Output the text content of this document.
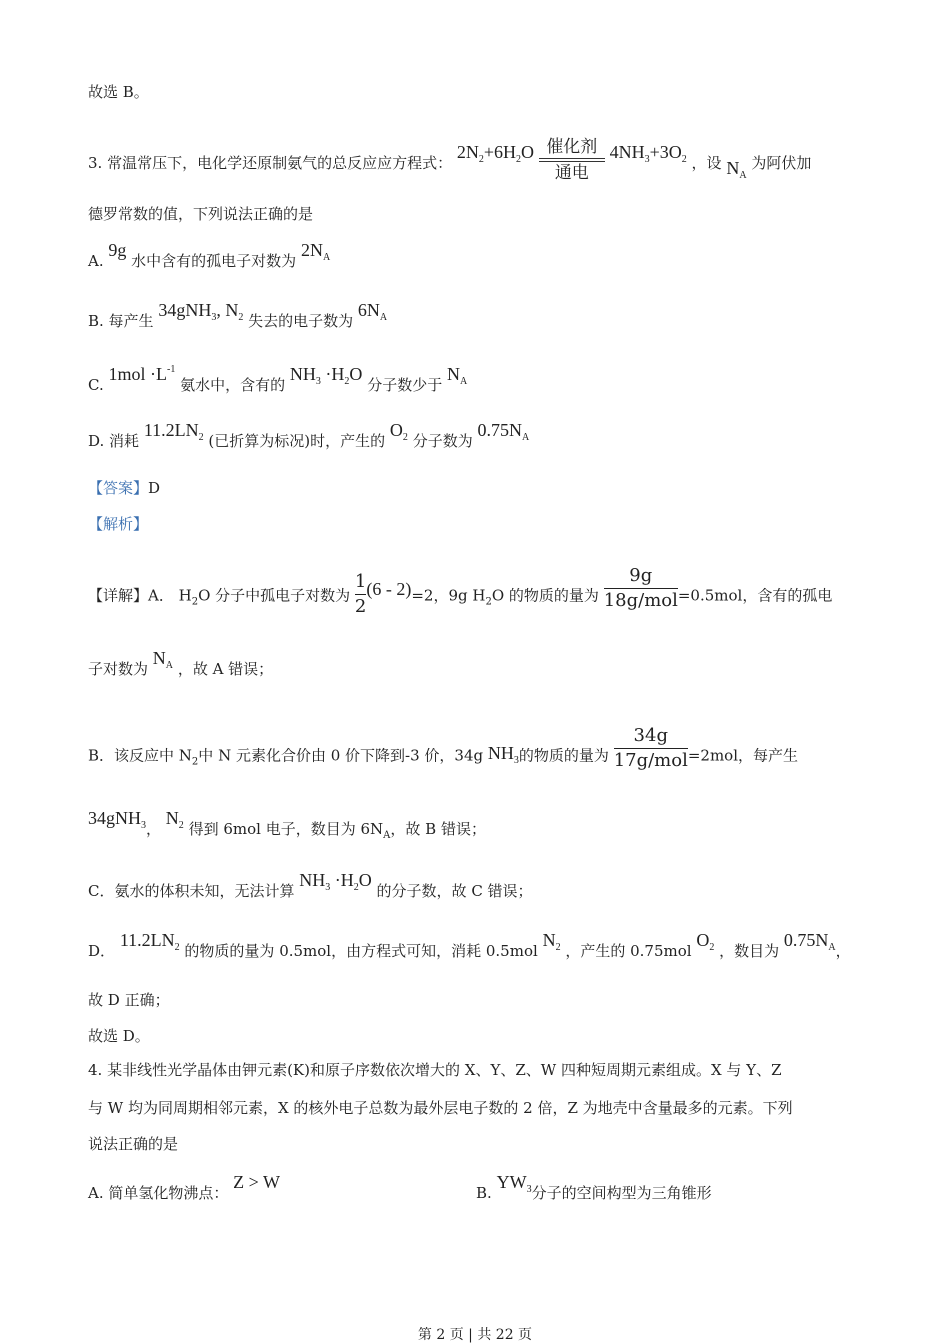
故选 B。
3. 常温常压下，电化学还原制氨气的总反应应方程式： $2N_2+6H_2O$ 催化剂
通电
$4NH_3+3O_2$ ，设 $N_A$ 为阿伏加
德罗常数的值，下列说法正确的是
A. 9g 水中含有的孤电子对数为 $2N_A$
B. 每产生 34gNH$_3$, $N_2$ 失去的电子数为 $6N_A$
C. $1mol \cdot L^{-1}$ 氨水中，含有的 $NH_3 \cdot H_2O$ 分子数少于 $N_A$
D. 消耗 $11.2LN_2$ (已折算为标况)时，产生的 $O_2$ 分子数为 $0.75N_A$
【答案】D
【解析】
【详解】A． $H_2O$ 分子中孤电子对数为 $\frac{1}{2} (6 - 2)=2$，9g $H_2O$ 的物质的量为 $\frac{9g}{\text{18g/mol}} =0.5mol$，含有的孤电
子对数为 $N_A$ ，故 A 错误；
B．该反应中 $N_2$中 N 元素化合价由 0 价下降到-3 价，34g $NH_3$的物质的量为 $\frac{34g}{\text{17g/mol}} =2mol$，每产生
34gNH$_3$， $N_2$ 得到 6mol 电子，数目为 $6N_A$，故 B 错误；
C．氨水的体积未知，无法计算 $NH_3 \cdot H_2O$ 的分子数，故 C 错误；
D． $11.2LN_2$ 的物质的量为 0.5mol，由方程式可知，消耗 0.5mol $N_2$ ，产生的 0.75mol $O_2$ ，数目为 $0.75N_A$，
故 D 正确；
故选 D。
4. 某非线性光学晶体由钾元素(K)和原子序数依次增大的 X、Y、Z、W 四种短周期元素组成。X 与 Y、Z
与 W 均为同周期相邻元素，X 的核外电子总数为最外层电子数的 2 倍，Z 为地壳中含量最多的元素。下列
说法正确的是
A. 简单氢化物沸点： Z > W
B. $YW_3$分子的空间构型为三角锥形
第 2 页 | 共 22 页
